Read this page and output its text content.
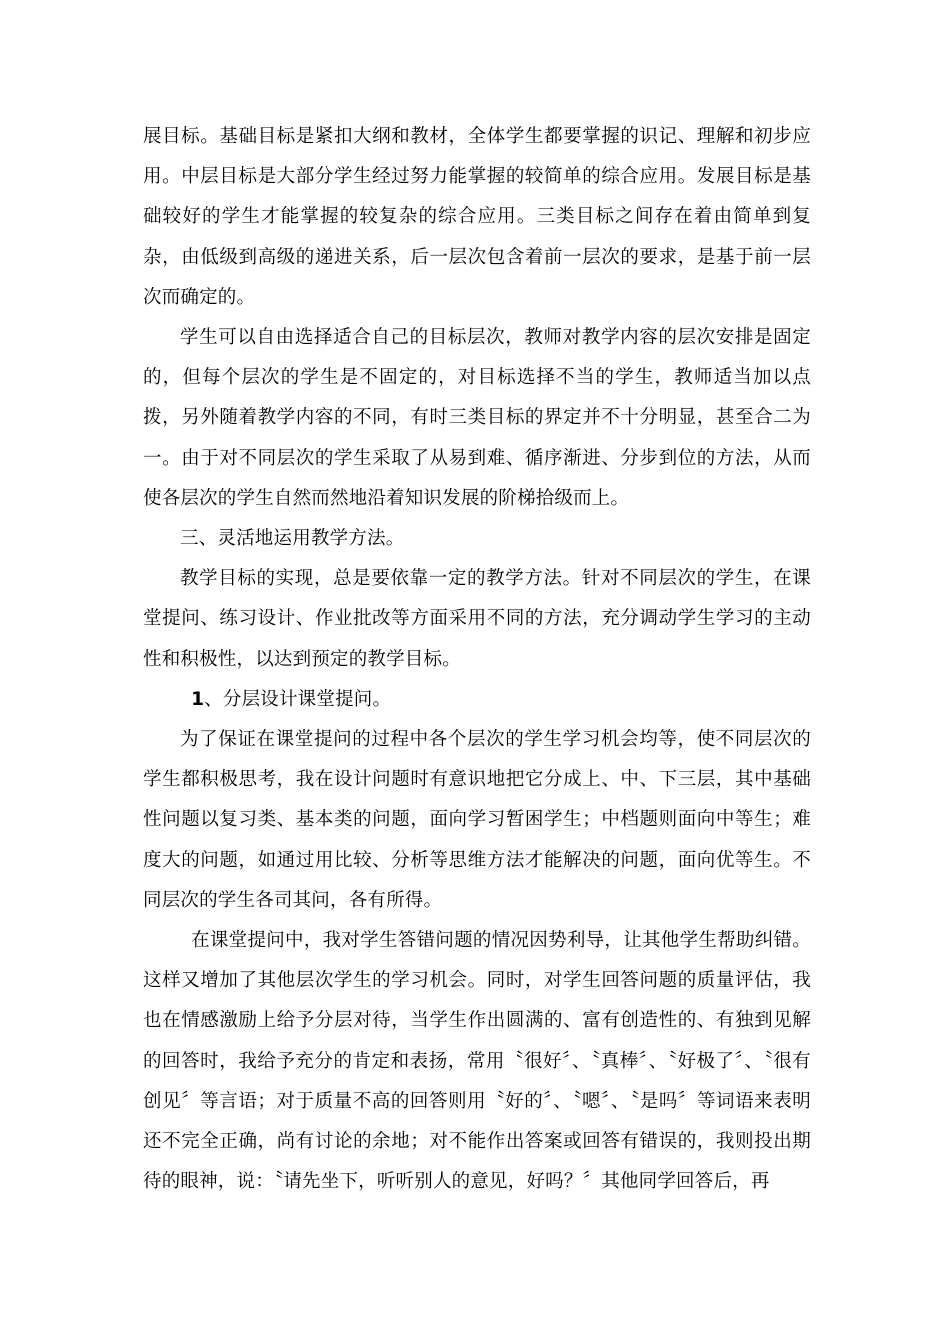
展目标。基础目标是紧扣大纲和教材，全体学生都要掌握的识记、理解和初步应用。中层目标是大部分学生经过努力能掌握的较简单的综合应用。发展目标是基础较好的学生才能掌握的较复杂的综合应用。三类目标之间存在着由简单到复杂，由低级到高级的递进关系，后一层次包含着前一层次的要求，是基于前一层次而确定的。

学生可以自由选择适合自己的目标层次，教师对教学内容的层次安排是固定的，但每个层次的学生是不固定的，对目标选择不当的学生，教师适当加以点拨，另外随着教学内容的不同，有时三类目标的界定并不十分明显，甚至合二为一。由于对不同层次的学生采取了从易到难、循序渐进、分步到位的方法，从而使各层次的学生自然而然地沿着知识发展的阶梯拾级而上。

三、灵活地运用教学方法。

教学目标的实现，总是要依靠一定的教学方法。针对不同层次的学生，在课堂提问、练习设计、作业批改等方面采用不同的方法，充分调动学生学习的主动性和积极性，以达到预定的教学目标。

1、分层设计课堂提问。

为了保证在课堂提问的过程中各个层次的学生学习机会均等，使不同层次的学生都积极思考，我在设计问题时有意识地把它分成上、中、下三层，其中基础性问题以复习类、基本类的问题，面向学习暂困学生；中档题则面向中等生；难度大的问题，如通过用比较、分析等思维方法才能解决的问题，面向优等生。不同层次的学生各司其问，各有所得。

在课堂提问中，我对学生答错问题的情况因势利导，让其他学生帮助纠错。这样又增加了其他层次学生的学习机会。同时，对学生回答问题的质量评估，我也在情感激励上给予分层对待，当学生作出圆满的、富有创造性的、有独到见解的回答时，我给予充分的肯定和表扬，常用〝很好〞、〝真棒〞、〝好极了〞、〝很有创见〞等言语；对于质量不高的回答则用〝好的〞、〝嗯〞、〝是吗〞等词语来表明还不完全正确，尚有讨论的余地；对不能作出答案或回答有错误的，我则投出期待的眼神，说：〝请先坐下，听听别人的意见，好吗？〞其他同学回答后，再
